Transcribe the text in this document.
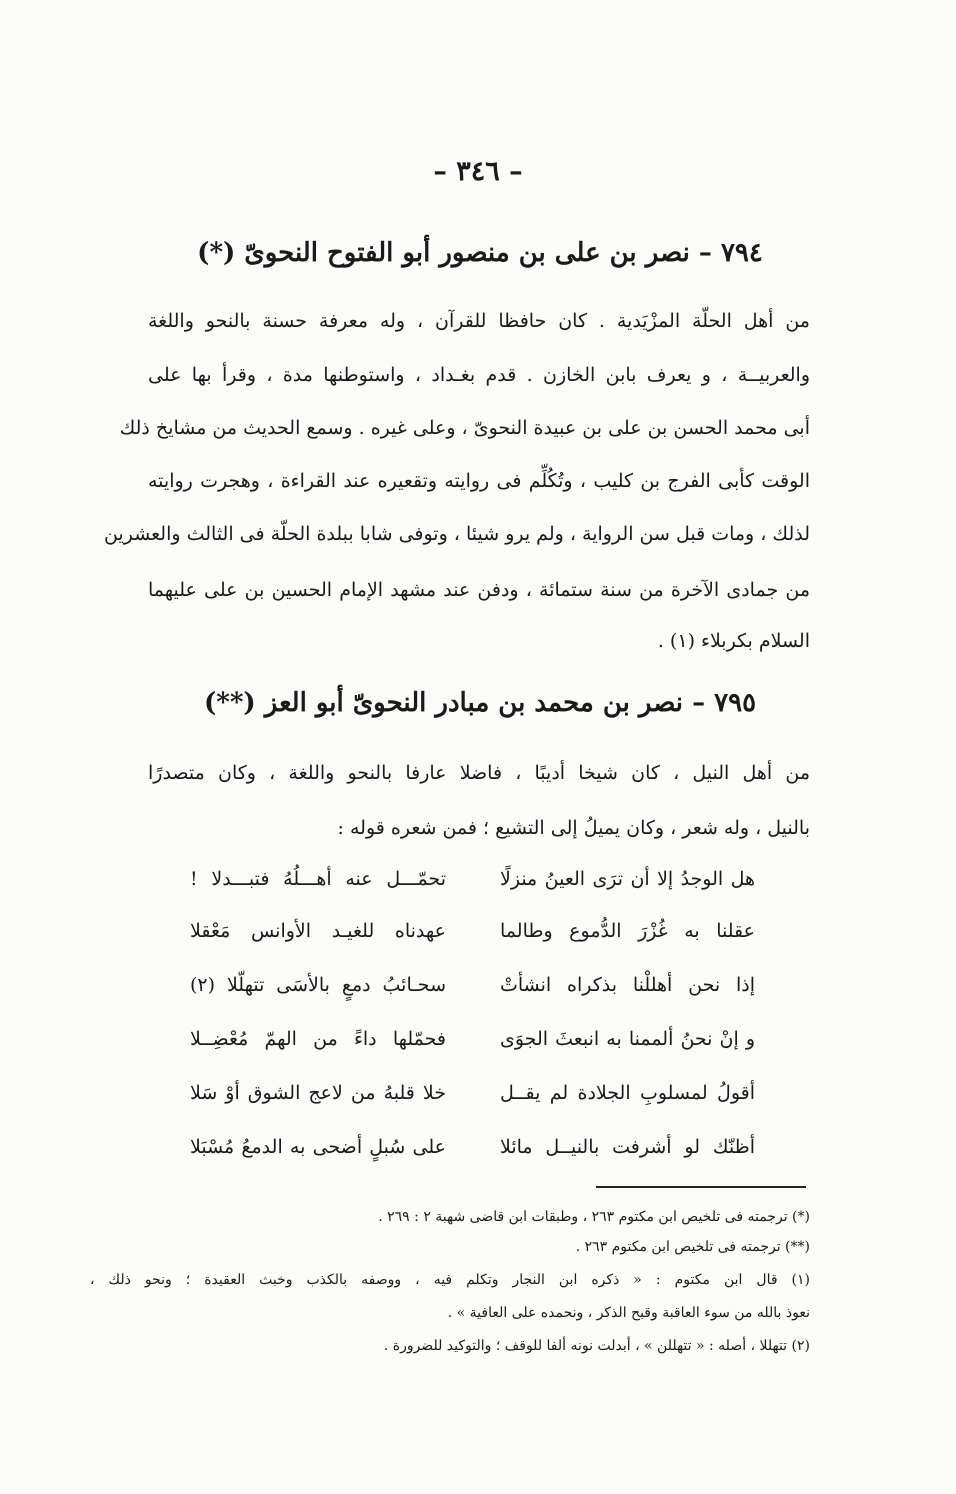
– ٣٤٦ –
٧٩٤ – نصر بن على بن منصور أبو الفتوح النحوىّ (*)
من أهل الحلّة المزْيَدية . كان حافظا للقرآن ، وله معرفة حسنة بالنحو واللغة
والعربيــة ، و يعرف بابن الخازن . قدم بغـداد ، واستوطنها مدة ، وقرأ بها على
أبى محمد الحسن بن على بن عبيدة النحوىّ ، وعلى غيره . وسمع الحديث من مشايخ ذلك
الوقت كأبى الفرج بن كليب ، وتُكُلِّم فى روايته وتقعيره عند القراءة ، وهجرت روايته
لذلك ، ومات قبل سن الرواية ، ولم يرو شيئا ، وتوفى شابا ببلدة الحلّة فى الثالث والعشرين
من جمادى الآخرة من سنة ستمائة ، ودفن عند مشهد الإمام الحسين بن على عليهما
السلام بكربلاء (١) .
٧٩٥ – نصر بن محمد بن مبادر النحوىّ أبو العز (**)
من أهل النيل ، كان شيخا أديبًا ، فاضلا عارفا بالنحو واللغة ، وكان متصدرًا
بالنيل ، وله شعر ، وكان يميلُ إلى التشيع ؛ فمن شعره قوله :
هل الوجدُ إلا أن ترَى العينُ منزلًا
تحمّـــل عنه أهـــلُهُ فتبـــدلا !
عقلنا به غُزْرَ الدُّموع وطالما
عهدناه للغيـد الأوانس مَعْقلا
إذا نحن أهللْنا بذكراه انشأتْ
سحـائبُ دمعٍ بالأسَى تتهلّلا (٢)
و إنْ نحنُ ألممنا به انبعثَ الجوَى
فحمّلها داءً من الهمّ مُعْضِــلا
أقولُ لمسلوبِ الجلادة لم يقــل
خلا قلبهُ من لاعج الشوق أوْ سَلا
أظنّك لو أشرفت بالنيــل مائلا
على سُبلٍ أضحى به الدمعُ مُسْبَلا
(*) ترجمته فى تلخيص ابن مكتوم ٢٦٣ ، وطبقات ابن قاضى شهبة ٢ : ٢٦٩ .
(**) ترجمته فى تلخيص ابن مكتوم ٢٦٣ .
(١) قال ابن مكتوم : « ذكره ابن النجار وتكلم فيه ، ووصفه بالكذب وخبث العقيدة ؛ ونحو ذلك ،
نعوذ بالله من سوء العاقبة وقبح الذكر ، ونحمده على العافية » .
(٢) تتهللا ، أصله : « تتهللن » ، أبدلت نونه ألفا للوقف ؛ والتوكيد للضرورة .
